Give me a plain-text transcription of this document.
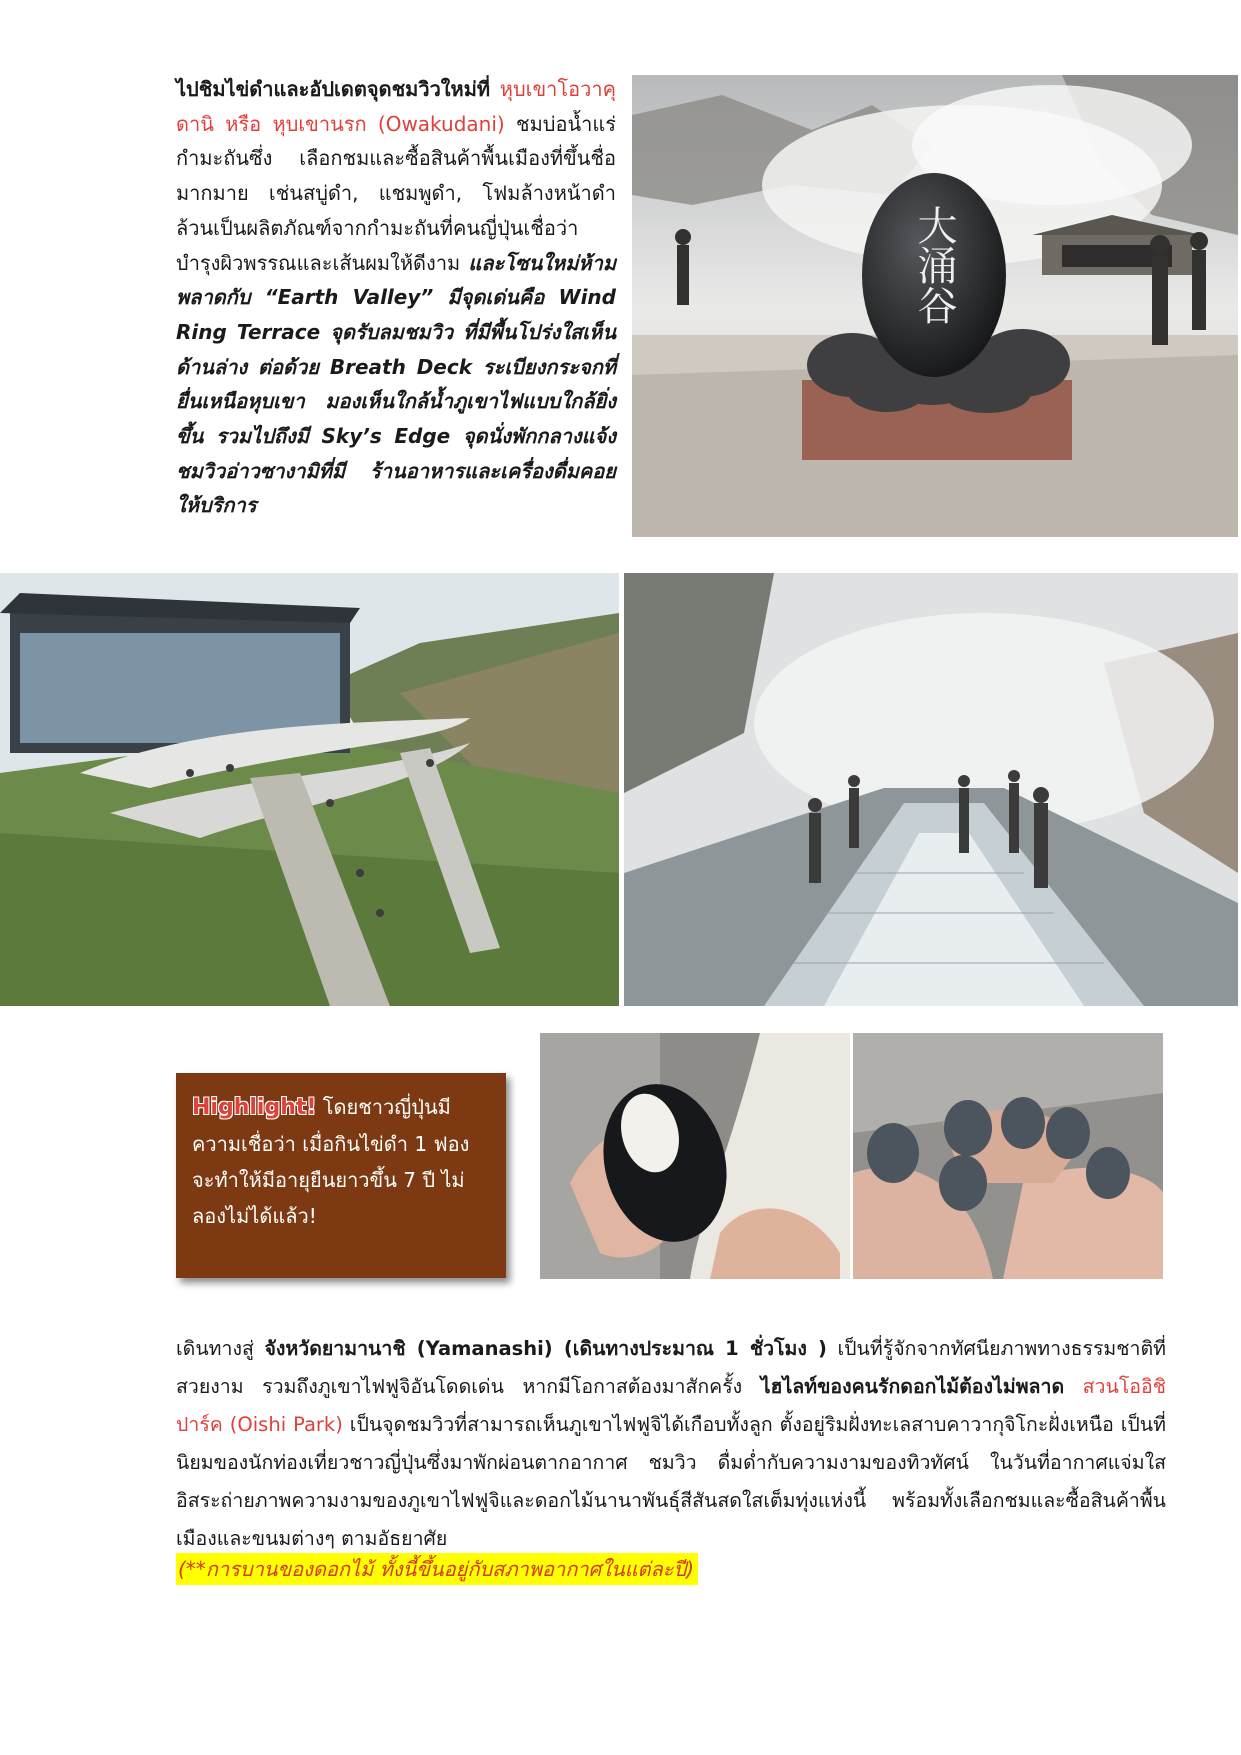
ไปชิมไข่ดำและอัปเดตจุดชมวิวใหม่ที่ หุบเขาโอวาคุดานิ หรือ หุบเขานรก (Owakudani) ชมบ่อน้ำแร่กำมะถันซึ่ง เลือกชมและซื้อสินค้าพื้นเมืองที่ขึ้นชื่อมากมาย เช่นสบู่ดำ, แชมพูดำ, โฟมล้างหน้าดำ ล้วนเป็นผลิตภัณฑ์จากกำมะถันที่คนญี่ปุ่นเชื่อว่าบำรุงผิวพรรณและเส้นผมให้ดีงาม และโซนใหม่ห้ามพลาดกับ “Earth Valley” มีจุดเด่นคือ Wind Ring Terrace จุดรับลมชมวิว ที่มีพื้นโปร่งใสเห็นด้านล่าง ต่อด้วย Breath Deck ระเบียงกระจกที่ยื่นเหนือหุบเขา มองเห็นใกล้น้ำภูเขาไฟแบบใกล้ยิ่งขึ้น รวมไปถึงมี Sky’s Edge จุดนั่งพักกลางแจ้งชมวิวอ่าวซางามิที่มี ร้านอาหารและเครื่องดื่มคอยให้บริการ
大涌谷
Highlight! โดยชาวญี่ปุ่นมีความเชื่อว่า เมื่อกินไข่ดำ 1 ฟอง จะทำให้มีอายุยืนยาวขึ้น 7 ปี ไม่ลองไม่ได้แล้ว!
เดินทางสู่ จังหวัดยามานาชิ (Yamanashi) (เดินทางประมาณ 1 ชั่วโมง ) เป็นที่รู้จักจากทัศนียภาพทางธรรมชาติที่สวยงาม รวมถึงภูเขาไฟฟูจิอันโดดเด่น หากมีโอกาสต้องมาสักครั้ง ไฮไลท์ของคนรักดอกไม้ต้องไม่พลาด สวนโออิชิ ปาร์ค (Oishi Park) เป็นจุดชมวิวที่สามารถเห็นภูเขาไฟฟูจิได้เกือบทั้งลูก ตั้งอยู่ริมฝั่งทะเลสาบคาวากุจิโกะฝั่งเหนือ เป็นที่นิยมของนักท่องเที่ยวชาวญี่ปุ่นซึ่งมาพักผ่อนตากอากาศ ชมวิว ดื่มด่ำกับความงามของทิวทัศน์ ในวันที่อากาศแจ่มใส อิสระถ่ายภาพความงามของภูเขาไฟฟูจิและดอกไม้นานาพันธุ์สีสันสดใสเต็มทุ่งแห่งนี้ พร้อมทั้งเลือกชมและซื้อสินค้าพื้นเมืองและขนมต่างๆ ตามอัธยาศัย
(**การบานของดอกไม้ ทั้งนี้ขึ้นอยู่กับสภาพอากาศในแต่ละปี)
